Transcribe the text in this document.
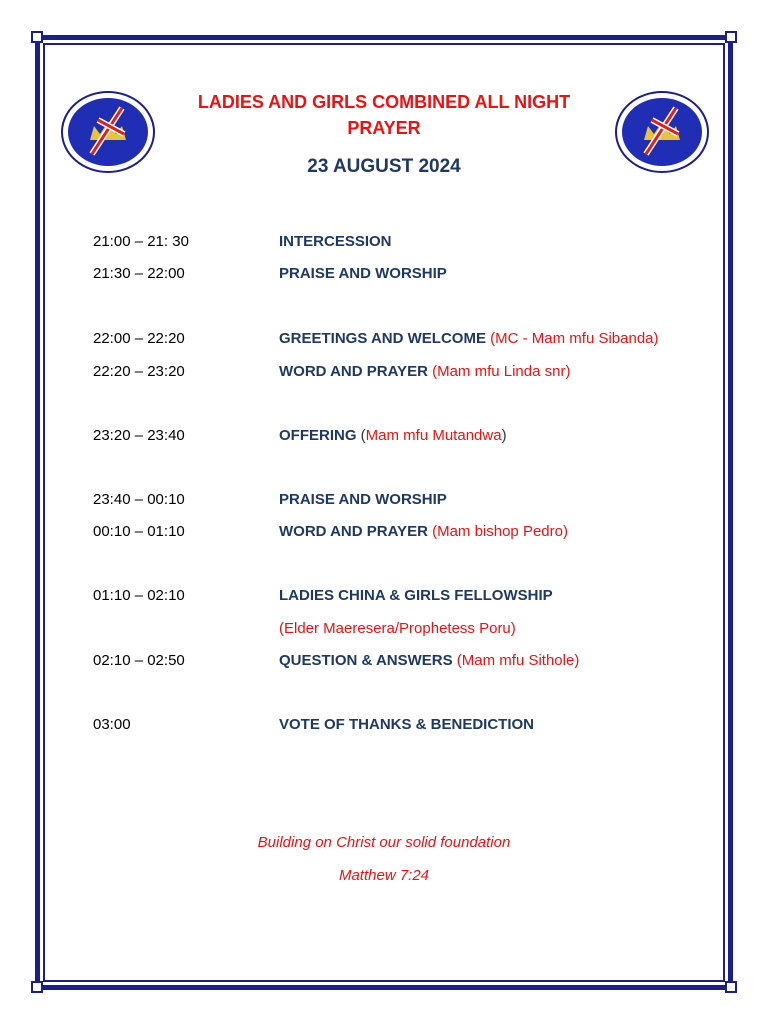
LADIES AND GIRLS COMBINED ALL NIGHT
PRAYER
23 AUGUST 2024
21:00 – 21: 30	INTERCESSION
21:30 – 22:00	PRAISE AND WORSHIP
22:00 – 22:20	GREETINGS AND WELCOME (MC - Mam mfu Sibanda)
22:20 – 23:20	WORD AND PRAYER (Mam mfu Linda snr)
23:20 – 23:40	OFFERING (Mam mfu Mutandwa)
23:40 – 00:10	PRAISE AND WORSHIP
00:10 – 01:10	WORD AND PRAYER (Mam bishop Pedro)
01:10 – 02:10	LADIES CHINA & GIRLS FELLOWSHIP
(Elder Maeresera/Prophetess Poru)
02:10 – 02:50	QUESTION & ANSWERS (Mam mfu Sithole)
03:00	VOTE OF THANKS & BENEDICTION
Building on Christ our solid foundation
Matthew 7:24
